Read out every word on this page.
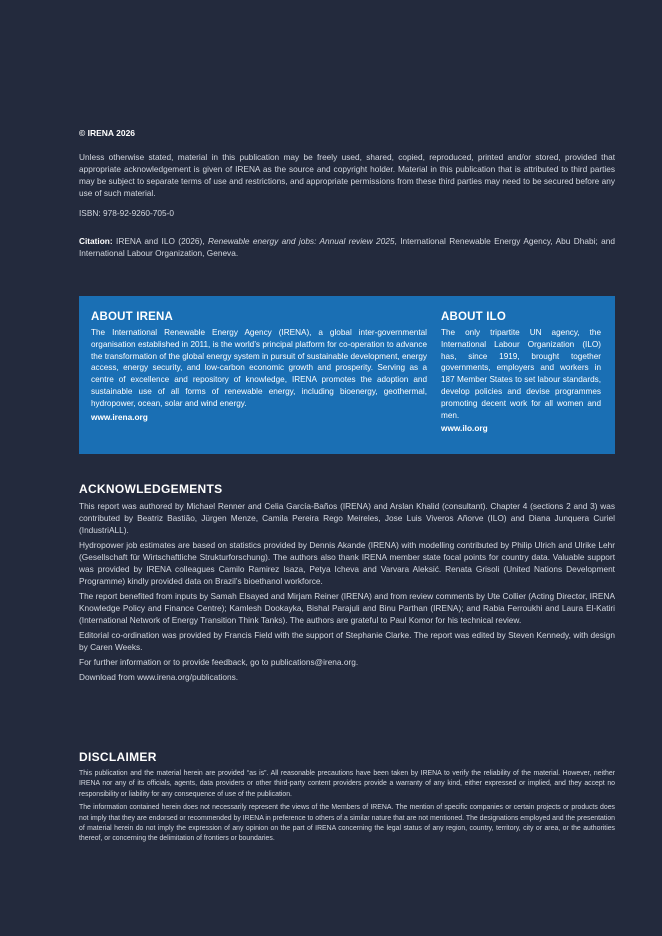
© IRENA 2026

Unless otherwise stated, material in this publication may be freely used, shared, copied, reproduced, printed and/or stored, provided that appropriate acknowledgement is given of IRENA as the source and copyright holder. Material in this publication that is attributed to third parties may be subject to separate terms of use and restrictions, and appropriate permissions from these third parties may need to be secured before any use of such material.

ISBN: 978-92-9260-705-0

Citation: IRENA and ILO (2026), Renewable energy and jobs: Annual review 2025, International Renewable Energy Agency, Abu Dhabi; and International Labour Organization, Geneva.

ABOUT IRENA
The International Renewable Energy Agency (IRENA), a global inter-governmental organisation established in 2011, is the world’s principal platform for co-operation to advance the transformation of the global energy system in pursuit of sustainable development, energy access, energy security, and low-carbon economic growth and prosperity. Serving as a centre of excellence and repository of knowledge, IRENA promotes the adoption and sustainable use of all forms of renewable energy, including bioenergy, geothermal, hydropower, ocean, solar and wind energy.
www.irena.org
ABOUT ILO
The only tripartite UN agency, the International Labour Organization (ILO) has, since 1919, brought together governments, employers and workers in 187 Member States to set labour standards, develop policies and devise programmes promoting decent work for all women and men.
www.ilo.org
ACKNOWLEDGEMENTS

This report was authored by Michael Renner and Celia García-Baños (IRENA) and Arslan Khalid (consultant). Chapter 4 (sections 2 and 3) was contributed by Beatriz Bastião, Jürgen Menze, Camila Pereira Rego Meireles, Jose Luis Viveros Añorve (ILO) and Diana Junquera Curiel (IndustriALL).

Hydropower job estimates are based on statistics provided by Dennis Akande (IRENA) with modelling contributed by Philip Ulrich and Ulrike Lehr (Gesellschaft für Wirtschaftliche Strukturforschung). The authors also thank IRENA member state focal points for country data. Valuable support was provided by IRENA colleagues Camilo Ramirez Isaza, Petya Icheva and Varvara Aleksić. Renata Grisoli (United Nations Development Programme) kindly provided data on Brazil’s bioethanol workforce.

The report benefited from inputs by Samah Elsayed and Mirjam Reiner (IRENA) and from review comments by Ute Collier (Acting Director, IRENA Knowledge Policy and Finance Centre); Kamlesh Dookayka, Bishal Parajuli and Binu Parthan (IRENA); and Rabia Ferroukhi and Laura El-Katiri (International Network of Energy Transition Think Tanks). The authors are grateful to Paul Komor for his technical review.

Editorial co-ordination was provided by Francis Field with the support of Stephanie Clarke. The report was edited by Steven Kennedy, with design by Caren Weeks.

For further information or to provide feedback, go to publications@irena.org.

Download from www.irena.org/publications.

DISCLAIMER

This publication and the material herein are provided “as is”. All reasonable precautions have been taken by IRENA to verify the reliability of the material. However, neither IRENA nor any of its officials, agents, data providers or other third-party content providers provide a warranty of any kind, either expressed or implied, and they accept no responsibility or liability for any consequence of use of the publication.

The information contained herein does not necessarily represent the views of the Members of IRENA. The mention of specific companies or certain projects or products does not imply that they are endorsed or recommended by IRENA in preference to others of a similar nature that are not mentioned. The designations employed and the presentation of material herein do not imply the expression of any opinion on the part of IRENA concerning the legal status of any region, country, territory, city or area, or the authorities thereof, or concerning the delimitation of frontiers or boundaries.
